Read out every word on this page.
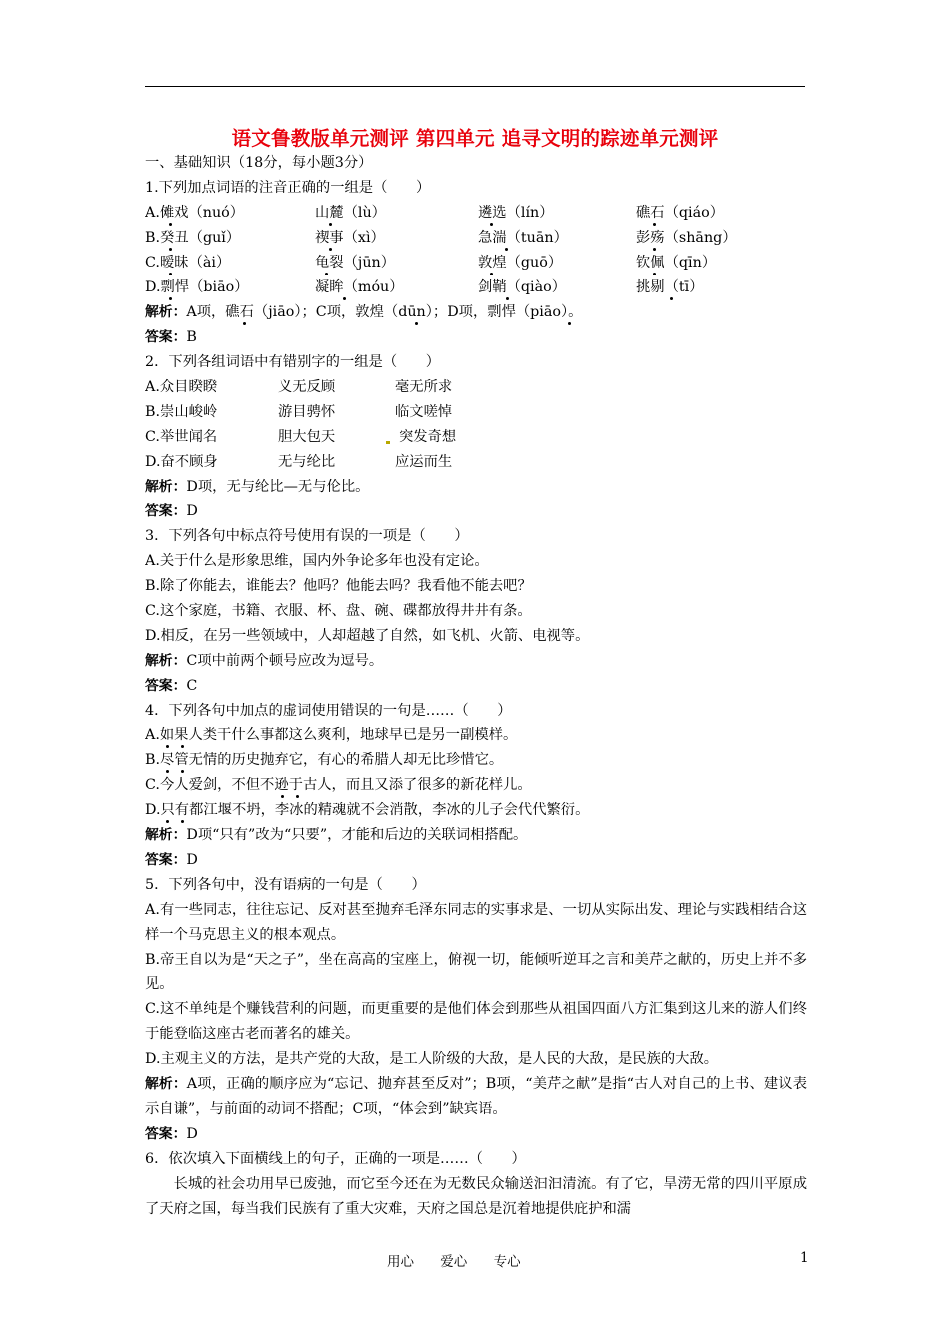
语文鲁教版单元测评 第四单元 追寻文明的踪迹单元测评
一、基础知识（18分，每小题3分）
1.下列加点词语的注音正确的一组是（　　）
A.傩戏（nuó）	山麓（lù）	遴选（lín）	礁石（qiáo）
B.癸丑（guǐ）	禊事（xì）	急湍（tuān）	彭殇（shāng）
C.暧昧（ài）	龟裂（jūn）	敦煌（guō）	钦佩（qīn）
D.剽悍（biāo）	凝眸（móu）	剑鞘（qiào）	挑剔（tī）
解析：A项，礁石（jiāo）；C项，敦煌（dūn）；D项，剽悍（piāo）。
答案：B
2．下列各组词语中有错别字的一组是（　　）
A.众目睽睽	义无反顾	毫无所求
B.崇山峻岭	游目骋怀	临文嗟悼
C.举世闻名	胆大包天	突发奇想
D.奋不顾身	无与纶比	应运而生
解析：D项，无与纶比—无与伦比。
答案：D
3．下列各句中标点符号使用有误的一项是（　　）
A.关于什么是形象思维，国内外争论多年也没有定论。
B.除了你能去，谁能去？他吗？他能去吗？我看他不能去吧？
C.这个家庭，书籍、衣服、杯、盘、碗、碟都放得井井有条。
D.相反，在另一些领域中，人却超越了自然，如飞机、火箭、电视等。
解析：C项中前两个顿号应改为逗号。
答案：C
4．下列各句中加点的虚词使用错误的一句是……（　　）
A.如果人类干什么事都这么爽利，地球早已是另一副模样。
B.尽管无情的历史抛弃它，有心的希腊人却无比珍惜它。
C.今人爱剑，不但不逊于古人，而且又添了很多的新花样儿。
D.只有都江堰不坍，李冰的精魂就不会消散，李冰的儿子会代代繁衍。
解析：D项“只有”改为“只要”，才能和后边的关联词相搭配。
答案：D
5．下列各句中，没有语病的一句是（　　）
A.有一些同志，往往忘记、反对甚至抛弃毛泽东同志的实事求是、一切从实际出发、理论与实践相结合这样一个马克思主义的根本观点。
B.帝王自以为是“天之子”，坐在高高的宝座上，俯视一切，能倾听逆耳之言和美芹之献的，历史上并不多见。
C.这不单纯是个赚钱营利的问题，而更重要的是他们体会到那些从祖国四面八方汇集到这儿来的游人们终于能登临这座古老而著名的雄关。
D.主观主义的方法，是共产党的大敌，是工人阶级的大敌，是人民的大敌，是民族的大敌。
解析：A项，正确的顺序应为“忘记、抛弃甚至反对”；B项，“美芹之献”是指“古人对自己的上书、建议表示自谦”，与前面的动词不搭配；C项，“体会到”缺宾语。
答案：D
6．依次填入下面横线上的句子，正确的一项是……（　　）
长城的社会功用早已废弛，而它至今还在为无数民众输送汩汩清流。有了它，旱涝无常的四川平原成了天府之国，每当我们民族有了重大灾难，天府之国总是沉着地提供庇护和濡
用心 爱心 专心	1
